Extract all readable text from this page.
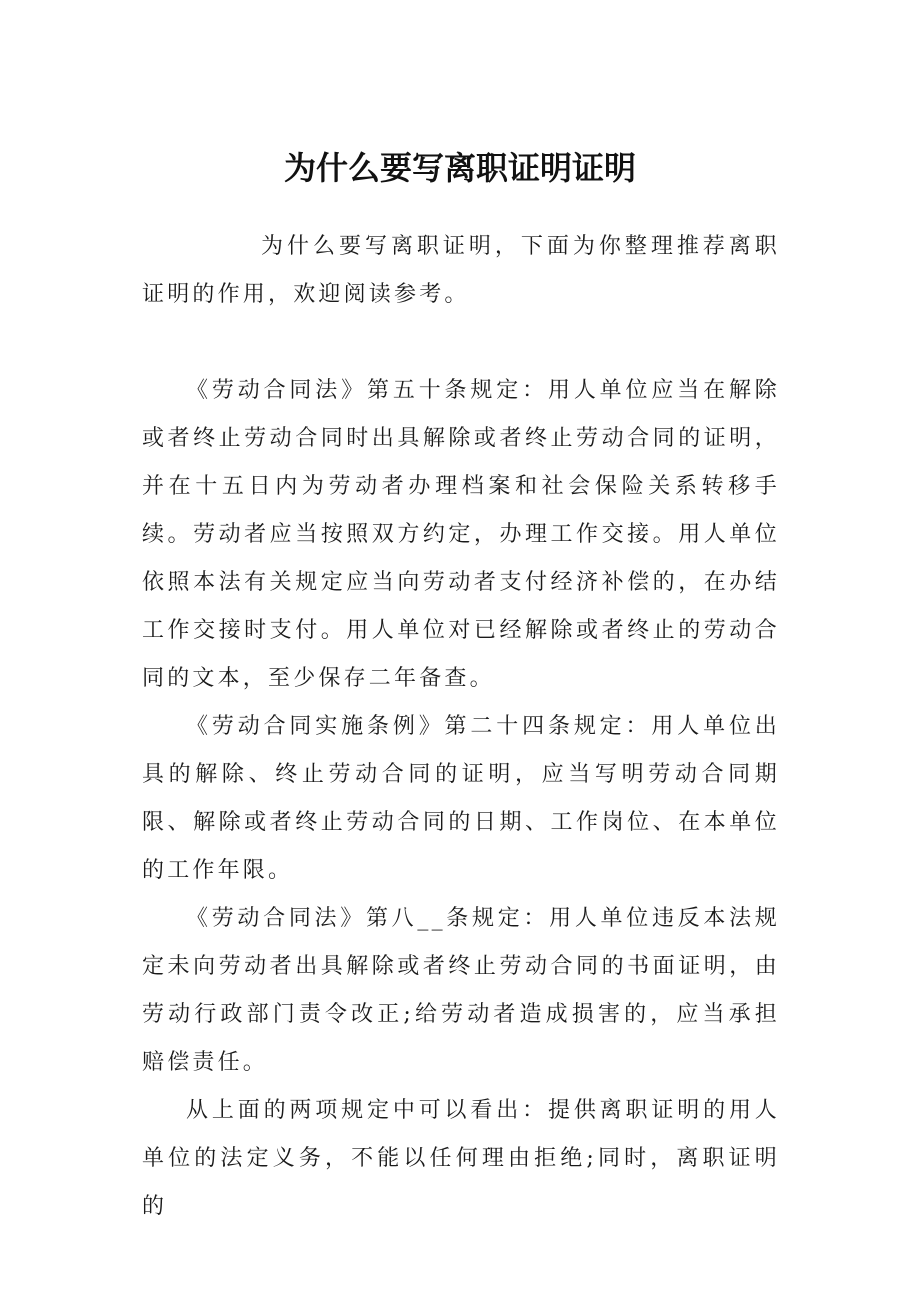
为什么要写离职证明证明

为什么要写离职证明，下面为你整理推荐离职证明的作用，欢迎阅读参考。

《劳动合同法》第五十条规定：用人单位应当在解除或者终止劳动合同时出具解除或者终止劳动合同的证明，并在十五日内为劳动者办理档案和社会保险关系转移手续。劳动者应当按照双方约定，办理工作交接。用人单位依照本法有关规定应当向劳动者支付经济补偿的，在办结工作交接时支付。用人单位对已经解除或者终止的劳动合同的文本，至少保存二年备查。

《劳动合同实施条例》第二十四条规定：用人单位出具的解除、终止劳动合同的证明，应当写明劳动合同期限、解除或者终止劳动合同的日期、工作岗位、在本单位的工作年限。

《劳动合同法》第八__条规定：用人单位违反本法规定未向劳动者出具解除或者终止劳动合同的书面证明，由劳动行政部门责令改正;给劳动者造成损害的，应当承担赔偿责任。

从上面的两项规定中可以看出：提供离职证明的用人单位的法定义务，不能以任何理由拒绝;同时，离职证明的
